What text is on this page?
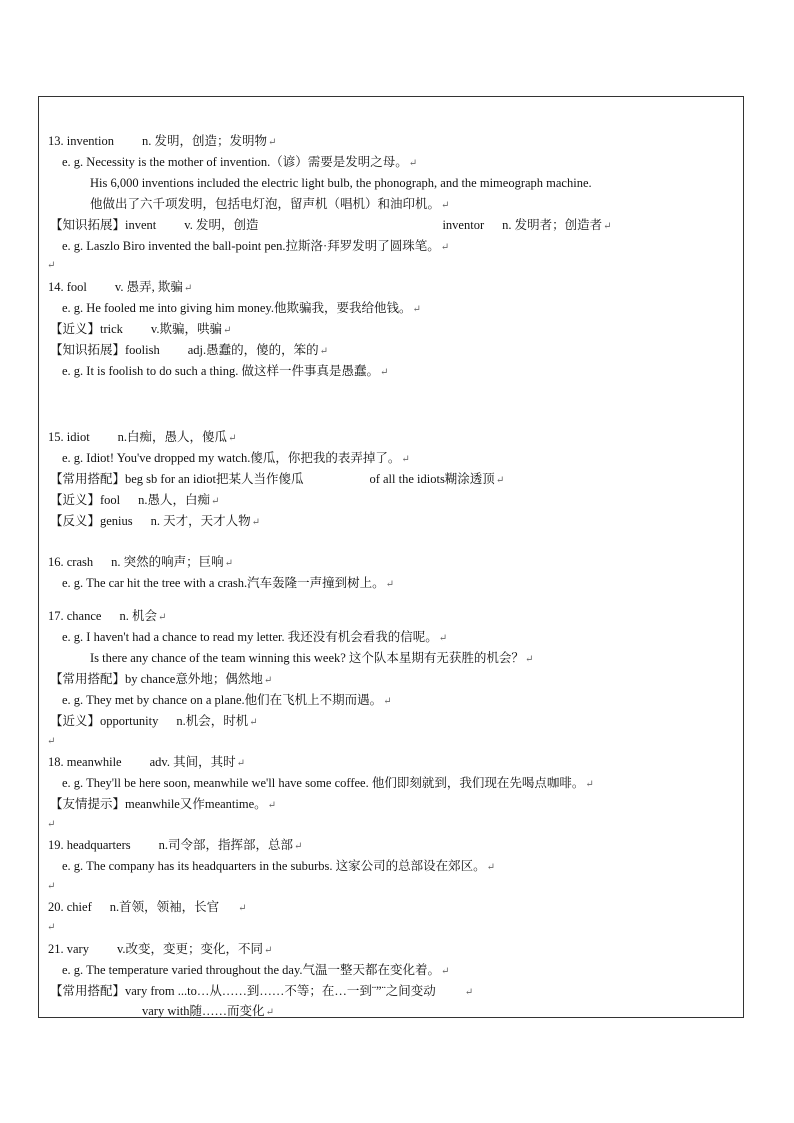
13. invention n. 发明，创造；发明物↵
e. g. Necessity is the mother of invention.（谚）需要是发明之母。↵
His 6,000 inventions included the electric light bulb, the phonograph, and the mimeograph machine.
他做出了六千项发明，包括电灯泡，留声机（唱机）和油印机。↵
【知识拓展】invent v. 发明，创造	inventor n. 发明者；创造者↵
e. g. Laszlo Biro invented the ball-point pen.拉斯洛·拜罗发明了圆珠笔。↵
↵
14. fool v. 愚弄, 欺骗↵
e. g. He fooled me into giving him money.他欺骗我，要我给他钱。↵
【近义】trick v.欺骗，哄骗↵
【知识拓展】foolish adj.愚蠢的，傻的，笨的↵
e. g. It is foolish to do such a thing. 做这样一件事真是愚蠢。↵
15. idiot n.白痴，愚人，傻瓜↵
e. g. Idiot! You've dropped my watch.傻瓜，你把我的表弄掉了。↵
【常用搭配】beg sb for an idiot把某人当作傻瓜	of all the idiots糊涂透顶↵
【近义】fool n.愚人，白痴↵
【反义】genius n. 天才，天才人物↵
16. crash n. 突然的响声；巨响↵
e. g. The car hit the tree with a crash.汽车轰隆一声撞到树上。↵
17. chance n. 机会↵
e. g. I haven't had a chance to read my letter. 我还没有机会看我的信呢。↵
Is there any chance of the team winning this week? 这个队本星期有无获胜的机会？↵
【常用搭配】by chance意外地；偶然地↵
e. g. They met by chance on a plane.他们在飞机上不期而遇。↵
【近义】opportunity n.机会，时机↵
↵
18. meanwhile adv. 其间，其时↵
e. g. They'll be here soon, meanwhile we'll have some coffee. 他们即刻就到，我们现在先喝点咖啡。↵
【友情提示】meanwhile又作meantime。↵
↵
19. headquarters n.司令部，指挥部，总部↵
e. g. The company has its headquarters in the suburbs. 这家公司的总部设在郊区。↵
↵
20. chief n.首领，领袖，长官 ↵
↵
21. vary v.改变，变更；变化，不同↵
e. g. The temperature varied throughout the day.气温一整天都在变化着。↵
【常用搭配】vary from ...to…从……到……不等；在…一到¨”¨之间变动	↵
vary with随……而变化↵
